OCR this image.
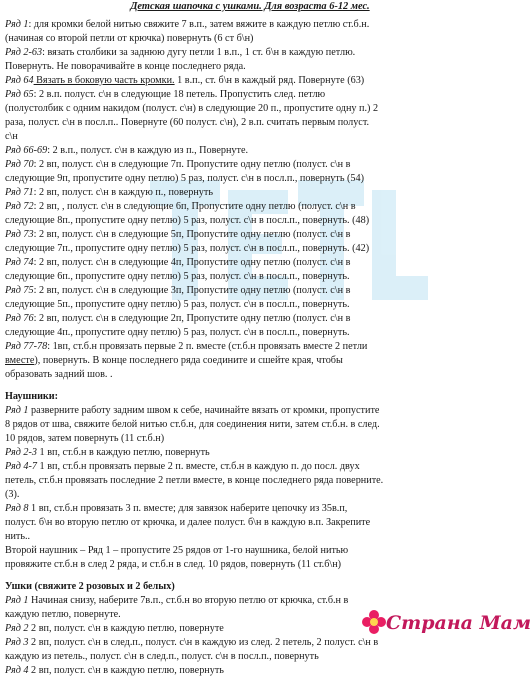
Детская шапочка с ушками. Для возраста 6-12 мес.
Ряд 1: для кромки белой нитью свяжите 7 в.п., затем вяжите в каждую петлю ст.б.н.
(начиная со второй петли от крючка) повернуть (6 ст б\н)
Ряд 2-63: вязать столбики за заднюю дугу петли 1 в.п., 1 ст. б\н в каждую петлю.
Повернуть. Не поворачивайте в конце последнего ряда.
Ряд 64 Вязать в боковую часть кромки. 1 в.п., ст. б\н в каждый ряд. Повернуте (63)
Ряд 65: 2 в.п. полуст. с\н в следующие 18 петель. Пропустить след. петлю
(полустолбик с одним накидом (полуст. с\н) в следующие 20 п., пропустите одну п.) 2
раза, полуст. с\н в посл.п.. Повернуте (60 полуст. с\н), 2 в.п. считать первым полуст.
с\н
Ряд 66-69: 2 в.п., полуст. с\н в каждую из п., Повернуте.
Ряд 70: 2 вп, полуст. с\н в следующие 7п. Пропустите одну петлю (полуст. с\н в
следующие 9п, пропустите одну петлю) 5 раз, полуст. с\н в посл.п., повернуть (54)
Ряд 71: 2 вп, полуст. с\н в каждую п., повернуть
Ряд 72: 2 вп, , полуст. с\н в следующие 6п, Пропустите одну петлю (полуст. с\н в
следующие 8п., пропустите одну петлю) 5 раз, полуст. с\н в посл.п., повернуть. (48)
Ряд 73: 2 вп, полуст. с\н в следующие 5п, Пропустите одну петлю (полуст. с\н в
следующие 7п., пропустите одну петлю) 5 раз, полуст. с\н в посл.п., повернуть. (42)
Ряд 74: 2 вп, полуст. с\н в следующие 4п, Пропустите одну петлю (полуст. с\н в
следующие 6п., пропустите одну петлю) 5 раз, полуст. с\н в посл.п., повернуть.
Ряд 75: 2 вп, полуст. с\н в следующие 3п, Пропустите одну петлю (полуст. с\н в
следующие 5п., пропустите одну петлю) 5 раз, полуст. с\н в посл.п., повернуть.
Ряд 76: 2 вп, полуст. с\н в следующие 2п, Пропустите одну петлю (полуст. с\н в
следующие 4п., пропустите одну петлю) 5 раз, полуст. с\н в посл.п., повернуть.
Ряд 77-78: 1вп, ст.б.н провязать первые 2 п. вместе (ст.б.н провязать вместе 2 петли
вместе), повернуть. В конце последнего ряда соедините и сшейте края, чтобы
образовать задний шов. .
Наушники:
Ряд 1 разверните работу задним швом к себе, начинайте вязать от кромки, пропустите
8 рядов от шва, свяжите белой нитью ст.б.н, для соединения нити, затем ст.б.н. в след.
10 рядов, затем повернуть (11 ст.б.н)
Ряд 2-3 1 вп, ст.б.н в каждую петлю, повернуть
Ряд 4-7 1 вп, ст.б.н провязать первые 2 п. вместе, ст.б.н в каждую п. до посл. двух
петель, ст.б.н провязать последние 2 петли вместе, в конце последнего ряда поверните.
(3).
Ряд 8 1 вп, ст.б.н провязать 3 п. вместе; для завязок наберите цепочку из 35в.п,
полуст. б\н во вторую петлю от крючка, и далее полуст. б\н в каждую в.п. Закрепите
нить..
Второй наушник – Ряд 1 – пропустите 25 рядов от 1-го наушника, белой нитью
провяжите ст.б.н в след 2 ряда, и ст.б.н в след. 10 рядов, повернуть (11 ст.б\н)
Ушки (свяжите 2 розовых и 2 белых)
Ряд 1 Начиная снизу, наберите 7в.п., ст.б.н во вторую петлю от крючка, ст.б.н в
каждую петлю, повернуте.
Ряд 2 2 вп, полуст. с\н в каждую петлю, повернуте
Ряд 3 2 вп, полуст. с\н в след.п., полуст. с\н в каждую из след. 2 петель, 2 полуст. с\н в
каждую из петель., полуст. с\н в след.п., полуст. с\н в посл.п., повернуть
Ряд 4 2 вп, полуст. с\н в каждую петлю, повернуть
Страна Мам
